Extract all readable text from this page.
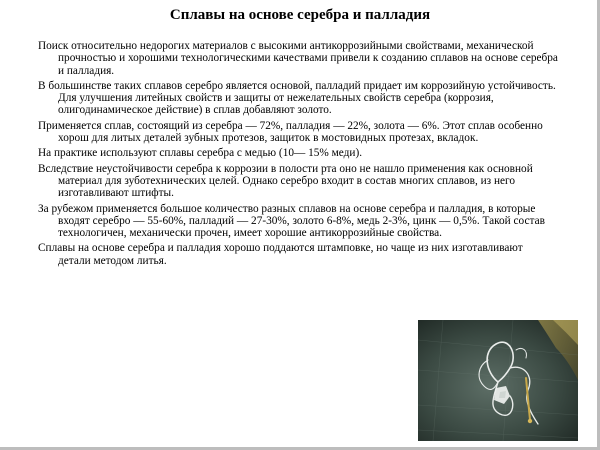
Сплавы на основе серебра и палладия

Поиск относительно недорогих материалов с высокими антикоррозийными свойствами, механической прочностью и хорошими технологическими качествами привели к созданию сплавов на основе серебра и палладия.

В большинстве таких сплавов серебро является основой, палладий придает им коррозийную устойчивость. Для улучшения литейных свойств и защиты от нежелательных свойств серебра (коррозия, олигодинамическое действие) в сплав добавляют золото.

Применяется сплав, состоящий из серебра — 72%, палладия — 22%, золота — 6%. Этот сплав особенно хорош для литых деталей зубных протезов, защиток в мостовидных протезах, вкладок.

На практике используют сплавы серебра с медью (10— 15% меди).

Вследствие неустойчивости серебра к коррозии в полости рта оно не нашло применения как основной материал для зуботехнических целей. Однако серебро входит в состав многих сплавов, из него изготавливают штифты.

За рубежом применяется большое количество разных сплавов на основе серебра и палладия, в которые входят серебро — 55-60%, палладий — 27-30%, золото 6-8%, медь 2-3%, цинк — 0,5%. Такой состав технологичен, механически прочен, имеет хорошие антикоррозийные свойства.

Сплавы на основе серебра и палладия хорошо поддаются штамповке, но чаще из них изготавливают детали методом литья.
